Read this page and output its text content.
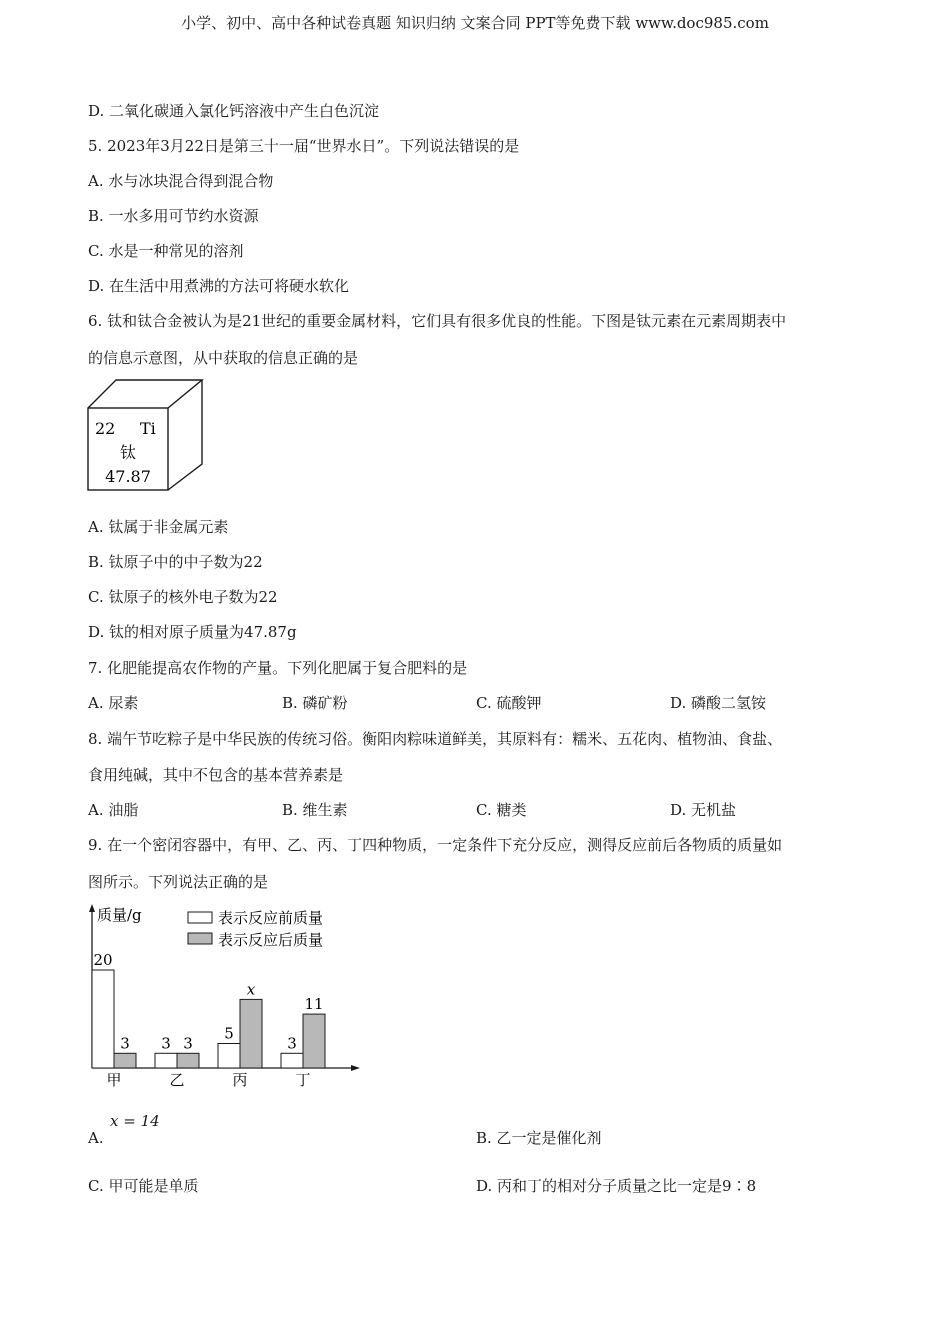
小学、初中、高中各种试卷真题 知识归纳 文案合同 PPT等免费下载 www.doc985.com
D. 二氧化碳通入氯化钙溶液中产生白色沉淀
5. 2023年3月22日是第三十一届“世界水日”。下列说法错误的是
A. 水与冰块混合得到混合物
B. 一水多用可节约水资源
C. 水是一种常见的溶剂
D. 在生活中用煮沸的方法可将硬水软化
6. 钛和钛合金被认为是21世纪的重要金属材料，它们具有很多优良的性能。下图是钛元素在元素周期表中
的信息示意图，从中获取的信息正确的是
22 Ti
钛
47.87
A. 钛属于非金属元素
B. 钛原子中的中子数为22
C. 钛原子的核外电子数为22
D. 钛的相对原子质量为47.87g
7. 化肥能提高农作物的产量。下列化肥属于复合肥料的是
A. 尿素	B. 磷矿粉	C. 硫酸钾	D. 磷酸二氢铵
8. 端午节吃粽子是中华民族的传统习俗。衡阳肉粽味道鲜美，其原料有：糯米、五花肉、植物油、食盐、
食用纯碱，其中不包含的基本营养素是
A. 油脂	B. 维生素	C. 糖类	D. 无机盐
9. 在一个密闭容器中，有甲、乙、丙、丁四种物质，一定条件下充分反应，测得反应前后各物质的质量如
图所示。下列说法正确的是
质量/g	表示反应前质量
表示反应后质量
20
3
甲
3 3
乙
5
x
丙
3
11
丁
A.
x = 14
B. 乙一定是催化剂
C. 甲可能是单质	D. 丙和丁的相对分子质量之比一定是9∶8
